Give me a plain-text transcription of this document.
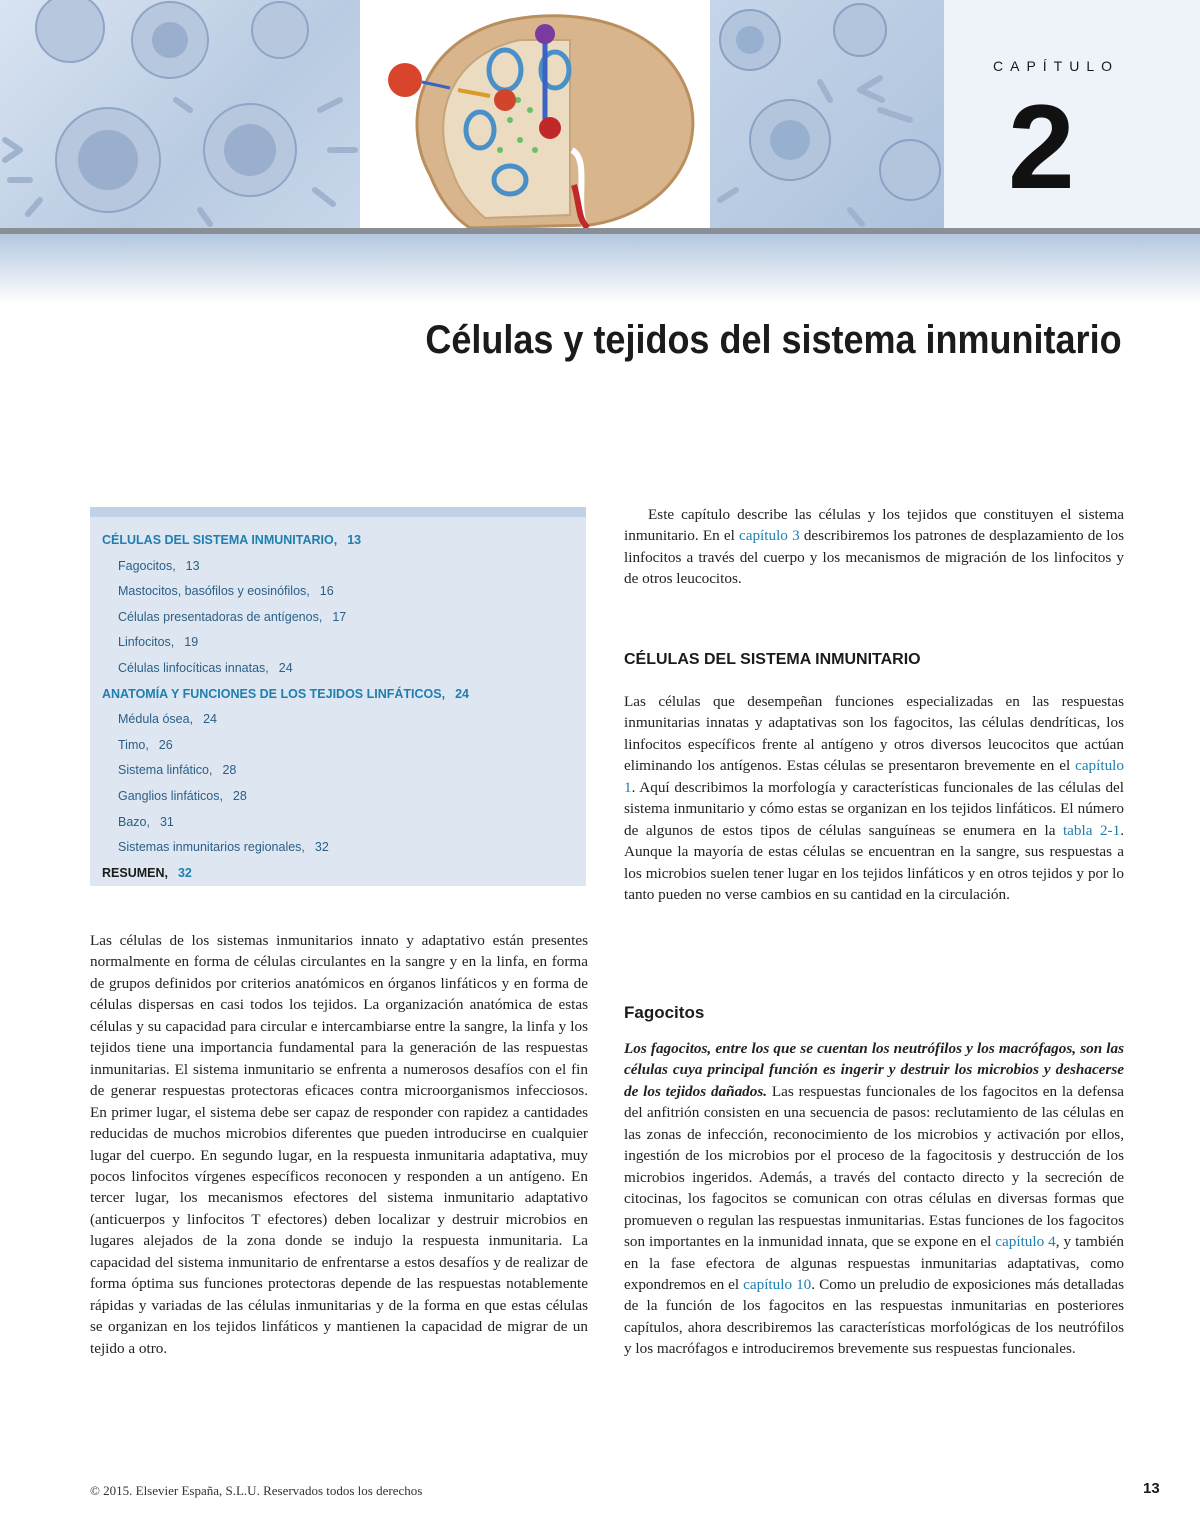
CAPÍTULO
2
Células y tejidos del sistema inmunitario
CÉLULAS DEL SISTEMA INMUNITARIO, 13
Fagocitos, 13
Mastocitos, basófilos y eosinófilos, 16
Células presentadoras de antígenos, 17
Linfocitos, 19
Células linfocíticas innatas, 24
ANATOMÍA Y FUNCIONES DE LOS TEJIDOS LINFÁTICOS, 24
Médula ósea, 24
Timo, 26
Sistema linfático, 28
Ganglios linfáticos, 28
Bazo, 31
Sistemas inmunitarios regionales, 32
RESUMEN, 32
Las células de los sistemas inmunitarios innato y adaptativo están presentes normalmente en forma de células circulantes en la sangre y en la linfa, en forma de grupos definidos por criterios anatómicos en órganos linfáticos y en forma de células dispersas en casi todos los tejidos. La organización anatómica de estas células y su capacidad para circular e intercambiarse entre la sangre, la linfa y los tejidos tiene una importancia fundamental para la generación de las respuestas inmunitarias. El sistema inmunitario se enfrenta a numerosos desafíos con el fin de generar respuestas protectoras eficaces contra microorganismos infecciosos. En primer lugar, el sistema debe ser capaz de responder con rapidez a cantidades reducidas de muchos microbios diferentes que pueden introducirse en cualquier lugar del cuerpo. En segundo lugar, en la respuesta inmunitaria adaptativa, muy pocos linfocitos vírgenes específicos reconocen y responden a un antígeno. En tercer lugar, los mecanismos efectores del sistema inmunitario adaptativo (anticuerpos y linfocitos T efectores) deben localizar y destruir microbios en lugares alejados de la zona donde se indujo la respuesta inmunitaria. La capacidad del sistema inmunitario de enfrentarse a estos desafíos y de realizar de forma óptima sus funciones protectoras depende de las respuestas notablemente rápidas y variadas de las células inmunitarias y de la forma en que estas células se organizan en los tejidos linfáticos y mantienen la capacidad de migrar de un tejido a otro.

Este capítulo describe las células y los tejidos que constituyen el sistema inmunitario. En el capítulo 3 describiremos los patrones de desplazamiento de los linfocitos a través del cuerpo y los mecanismos de migración de los linfocitos y de otros leucocitos.

CÉLULAS DEL SISTEMA INMUNITARIO

Las células que desempeñan funciones especializadas en las respuestas inmunitarias innatas y adaptativas son los fagocitos, las células dendríticas, los linfocitos específicos frente al antígeno y otros diversos leucocitos que actúan eliminando los antígenos. Estas células se presentaron brevemente en el capítulo 1. Aquí describimos la morfología y características funcionales de las células del sistema inmunitario y cómo estas se organizan en los tejidos linfáticos. El número de algunos de estos tipos de células sanguíneas se enumera en la tabla 2-1. Aunque la mayoría de estas células se encuentran en la sangre, sus respuestas a los microbios suelen tener lugar en los tejidos linfáticos y en otros tejidos y por lo tanto pueden no verse cambios en su cantidad en la circulación.

Fagocitos

Los fagocitos, entre los que se cuentan los neutrófilos y los macrófagos, son las células cuya principal función es ingerir y destruir los microbios y deshacerse de los tejidos dañados. Las respuestas funcionales de los fagocitos en la defensa del anfitrión consisten en una secuencia de pasos: reclutamiento de las células en las zonas de infección, reconocimiento de los microbios y activación por ellos, ingestión de los microbios por el proceso de la fagocitosis y destrucción de los microbios ingeridos. Además, a través del contacto directo y la secreción de citocinas, los fagocitos se comunican con otras células en diversas formas que promueven o regulan las respuestas inmunitarias. Estas funciones de los fagocitos son importantes en la inmunidad innata, que se expone en el capítulo 4, y también en la fase efectora de algunas respuestas inmunitarias adaptativas, como expondremos en el capítulo 10. Como un preludio de exposiciones más detalladas de la función de los fagocitos en las respuestas inmunitarias en posteriores capítulos, ahora describiremos las características morfológicas de los neutrófilos y los macrófagos e introduciremos brevemente sus respuestas funcionales.

© 2015. Elsevier España, S.L.U. Reservados todos los derechos	13
